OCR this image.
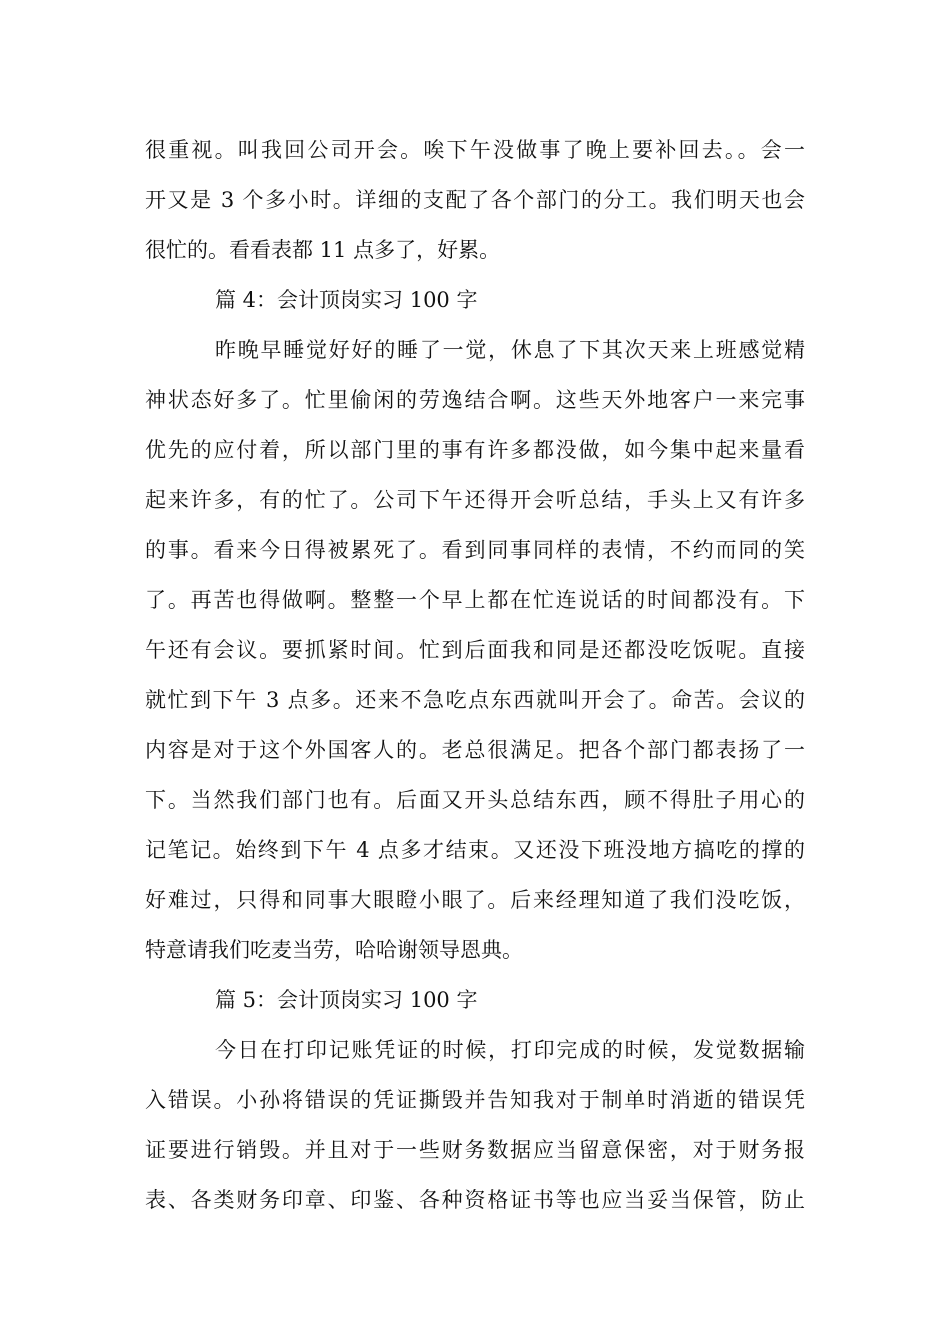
很重视。叫我回公司开会。唉下午没做事了晚上要补回去。。会一
开又是 3 个多小时。详细的支配了各个部门的分工。我们明天也会
很忙的。看看表都 11 点多了，好累。
篇 4：会计顶岗实习 100 字
昨晚早睡觉好好的睡了一觉，休息了下其次天来上班感觉精
神状态好多了。忙里偷闲的劳逸结合啊。这些天外地客户一来完事
优先的应付着，所以部门里的事有许多都没做，如今集中起来量看
起来许多，有的忙了。公司下午还得开会听总结，手头上又有许多
的事。看来今日得被累死了。看到同事同样的表情，不约而同的笑
了。再苦也得做啊。整整一个早上都在忙连说话的时间都没有。下
午还有会议。要抓紧时间。忙到后面我和同是还都没吃饭呢。直接
就忙到下午 3 点多。还来不急吃点东西就叫开会了。命苦。会议的
内容是对于这个外国客人的。老总很满足。把各个部门都表扬了一
下。当然我们部门也有。后面又开头总结东西，顾不得肚子用心的
记笔记。始终到下午 4 点多才结束。又还没下班没地方搞吃的撑的
好难过，只得和同事大眼瞪小眼了。后来经理知道了我们没吃饭，
特意请我们吃麦当劳，哈哈谢领导恩典。
篇 5：会计顶岗实习 100 字
今日在打印记账凭证的时候，打印完成的时候，发觉数据输
入错误。小孙将错误的凭证撕毁并告知我对于制单时消逝的错误凭
证要进行销毁。并且对于一些财务数据应当留意保密，对于财务报
表、各类财务印章、印鉴、各种资格证书等也应当妥当保管，防止
